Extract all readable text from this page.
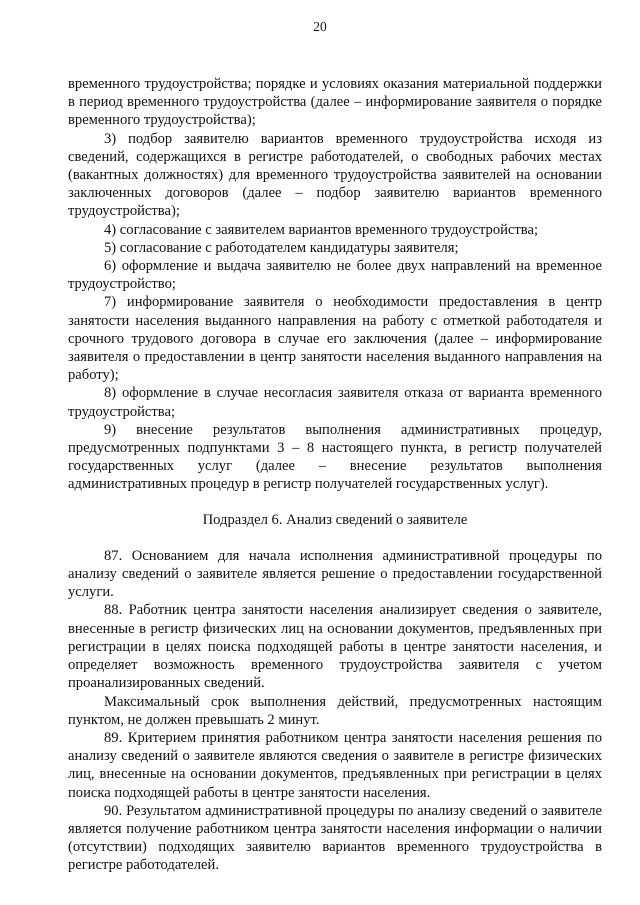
20

временного трудоустройства; порядке и условиях оказания материальной поддержки в период временного трудоустройства (далее – информирование заявителя о порядке временного трудоустройства);

3) подбор заявителю вариантов временного трудоустройства исходя из сведений, содержащихся в регистре работодателей, о свободных рабочих местах (вакантных должностях) для временного трудоустройства заявителей на основании заключенных договоров (далее – подбор заявителю вариантов временного трудоустройства);

4) согласование с заявителем вариантов временного трудоустройства;

5) согласование с работодателем кандидатуры заявителя;

6) оформление и выдача заявителю не более двух направлений на временное трудоустройство;

7) информирование заявителя о необходимости предоставления в центр занятости населения выданного направления на работу с отметкой работодателя и срочного трудового договора в случае его заключения (далее – информирование заявителя о предоставлении в центр занятости населения выданного направления на работу);

8) оформление в случае несогласия заявителя отказа от варианта временного трудоустройства;

9) внесение результатов выполнения административных процедур, предусмотренных подпунктами 3 – 8 настоящего пункта, в регистр получателей государственных услуг (далее – внесение результатов выполнения административных процедур в регистр получателей государственных услуг).

Подраздел 6. Анализ сведений о заявителе

87. Основанием для начала исполнения административной процедуры по анализу сведений о заявителе является решение о предоставлении государственной услуги.

88. Работник центра занятости населения анализирует сведения о заявителе, внесенные в регистр физических лиц на основании документов, предъявленных при регистрации в целях поиска подходящей работы в центре занятости населения, и определяет возможность временного трудоустройства заявителя с учетом проанализированных сведений.

Максимальный срок выполнения действий, предусмотренных настоящим пунктом, не должен превышать 2 минут.

89. Критерием принятия работником центра занятости населения решения по анализу сведений о заявителе являются сведения о заявителе в регистре физических лиц, внесенные на основании документов, предъявленных при регистрации в целях поиска подходящей работы в центре занятости населения.

90. Результатом административной процедуры по анализу сведений о заявителе является получение работником центра занятости населения информации о наличии (отсутствии) подходящих заявителю вариантов временного трудоустройства в регистре работодателей.
